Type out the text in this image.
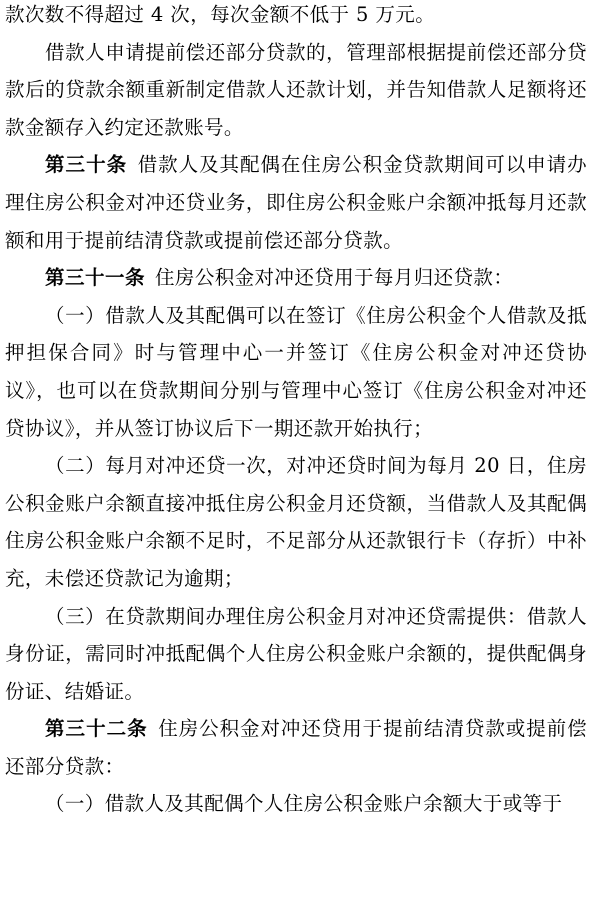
款次数不得超过 4 次，每次金额不低于 5 万元。

借款人申请提前偿还部分贷款的，管理部根据提前偿还部分贷款后的贷款余额重新制定借款人还款计划，并告知借款人足额将还款金额存入约定还款账号。

第三十条 借款人及其配偶在住房公积金贷款期间可以申请办理住房公积金对冲还贷业务，即住房公积金账户余额冲抵每月还款额和用于提前结清贷款或提前偿还部分贷款。

第三十一条 住房公积金对冲还贷用于每月归还贷款：

（一）借款人及其配偶可以在签订《住房公积金个人借款及抵押担保合同》时与管理中心一并签订《住房公积金对冲还贷协议》，也可以在贷款期间分别与管理中心签订《住房公积金对冲还贷协议》，并从签订协议后下一期还款开始执行；

（二）每月对冲还贷一次，对冲还贷时间为每月 20 日，住房公积金账户余额直接冲抵住房公积金月还贷额，当借款人及其配偶住房公积金账户余额不足时，不足部分从还款银行卡（存折）中补充，未偿还贷款记为逾期；

（三）在贷款期间办理住房公积金月对冲还贷需提供：借款人身份证，需同时冲抵配偶个人住房公积金账户余额的，提供配偶身份证、结婚证。

第三十二条 住房公积金对冲还贷用于提前结清贷款或提前偿还部分贷款：

（一）借款人及其配偶个人住房公积金账户余额大于或等于
